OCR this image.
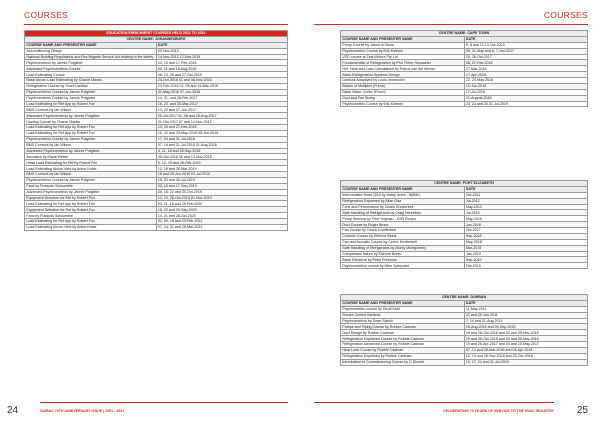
COURSES
EDUCATION ENRICHMENT COURSES HELD 2011 TO 2021	
CENTRE NAME: JOHANNESBURG	
COURSE NAME AND PRESENTER NAME	DATE
Airconditioning Design	20-Nov-2013
National Building Regulations and Fire Brigade Service Act relating to fire safety	14-Nov-2013 12-Mar-2014
Psychrometrics by Jannie Potgieter	03, 10 and 17-Feb-2015
Advanced Psychrometrics Course	04, 11 and 18-Aug-2015
Load Estimating Course	06, 13, 20 and 27-Oct-2015
Basic Aircon Load Estimating by Chanel Marais	25-Oct-2016 01 and 08-Nov-2016
Refrigeration Course by Grant Laidlaw	23-Feb-2016 01, 08 and 15-Mar-2016
Psychrometrics Course by Jannie Potgieter	31-May-2016 07-Jun-2016
Psychrometrics Course by Jannie Potgieter	14, 21, and 28-Feb-2017
Load Estimating for Ref App by Robert Fox	16, 23, and 30-May-2017
BMS Controls by Ian Wilson	13, 20 and 27-Jun-2017
Advanced Psychrometrics by Jannie Potgieter	25-Jul-2017 01, 08 and 15-Aug-2017
Ducting Course by Chanel Marais	31-Oct-2017 07 and 14-Nov-2017
Load Estimating for Ref App by Robert Fox	13, 20 and 27-Feb-2018
Load Estimating for Ref App by Robert Fox	15, 22 and 29-May-2018 05-Jun-2018
Psychrometrics Course by Jannie Potgieter	17, 24 and 31-Jul-2018
BMS Controls by Ian Wilson	07, 14 and 21-Jul-2018 01-Aug-2018
Advanced Psychrometrics by Jannie Potgieter	4, 11, 18 and 25-Sep-2018
Acoustics by Klaus Weber	30-Oct-2018 06 and 13-Nov-2018
Head Load Estimating for Ref by Robert Fox	5, 12, 19 and 26-Feb-2019
Load Estimating Aircon Vent by Anton Kotze	12, 19 and 26-Mar-2019
BMS Controls by Ian Wilson	18 and 25-Jun-2019 02-Jul-2019
Psychrometrics Course by Jannie Potgieter	16, 23 and 30-Jul-2019
Fans by Francois Schoombie	03, 10 and 17-Sep-2019
Advanced Psychrometrics by Jannie Potgieter	06, 16, 22 and 30-Oct-2019
Equipment Selection for Ref by Robert Fox	12, 19, 26-Oct-2019 01-Nov-2019
Load Estimating for Ref App by Robert Fox	04, 11, 18 and 25-Feb-2020
Equipment Selection for Ref by Robert Fox	15, 22 and 29-Sep-2020
Fans by Francois Schoombie	14, 21 and 28-Oct-2020
Load Estimating for Ref App by Robert Fox	02, 09, 16 and 23-Feb-2021
Load Estimating Aircon Vent by Anton Kotze	07, 14, 21 and 28-Mar-2021
24	SAIRAC 70TH ANNIVERSARY ISSUE | 1951 - 2021
COURSES
CENTRE NAME: CAPE TOWN	
COURSE NAME AND PRESENTER NAME	DATE
Pump Course by Jason di Stona	5, 6 and 12,13 Oct-2015
Psychrometric Course by Erik Kideren	30, 31-May and 6, 7-Jun-2017
VSD course at Zest Motors Pty Ltd	25, 26-Oct-2017
Fundamentals of Refrigeration by Prof Pieter Rousseau	06, 07-Feb-2018
Ref. Heat and Load Calculations by Petrus van der Merwe	27-Mar-2018
Basic Refrigeration Systems Design	17-Apr-2018
Danfoss Adaptived by Louis Vermeulen	22, 23-May-2018
Basics of Multiplex (Freon)	19-Jun-2018
Basic Water Chiller (Freon)	17-Jul-2018
Duct and Fan Sizing	21-August-2018
Psychrometric Course by Erik Kideren	23, 24 and 30,31-Jul-2019
CENTRE NAME: PORT ELIZABETH	
COURSE NAME AND PRESENTER NAME	DATE
Intermediate Word 2010 by Haley Irvine - NMMU	Oct-2011
Refrigeration Explained by Allan Gaa	Jul-2012
Fans and Performance by Cedric Knotterbelt	May-2013
Safe Handling of Refrigerants by Craig Hendricks	Jul-2014
Pump Seminar by Peet Snyman - KSB Pumps	May-2016
Duct Course by Roger Bruce	Jun-2016
Fan Course by Cedric Knotterbelt	Oct-2017
Controls Course by Etienne Beets	Sep-2018
Fan and Acoustic Course by Cedric Knotterbelt	May-2018
Safe Handling of Refrigerants by Monty Montgomery	Mar-2019
Compressor failure by Etienne Beets	Jan-2019
Basic Electrical by Peter Pretorius	Sep-2019
Psychrometrics course by Mike Spierpoint	Oct-2019
CENTRE NAME: DURBAN	
COURSE NAME AND PRESENTER NAME	DATE
Psychrometric course by Geoff Kidd	11-May-2011
Smoke Control Seminar	22 and 29-Jun-2011
Psychrometrics by Dean Savich	7, 14 and 21-Aug-2014
Pumps and Piping Course by Robbie Cadman	19-Aug-2015 and 09-Sep-2015
Duct Design by Robbie Cadman	19 and 26-Oct-2016 and 02 and 09-Nov-2016
Refrigeration Explained Course by Robbie Cadman	19 and 26-Oct-2016 and 02 and 09-Nov-2016
Refrigeration Advanced Course by Robbie Cadman	19 and 26-Apr-2017 and 03 and 10-May-2017
Heat Load Course by Robbie Cadman	07, 14 and 28-Mar-2018 and 04-Apr-2018
Refrigeration Explained by Robbie Cadman	12, 19 and 26-Sep-2018 and 03-Oct-2018
Introduction to Commissioning Course by C Mouret	10, 17, 24 and 31-Jul-2019
25
CELEBRATING 70 YEARS OF SERVICE TO THE HVAC INDUSTRY
